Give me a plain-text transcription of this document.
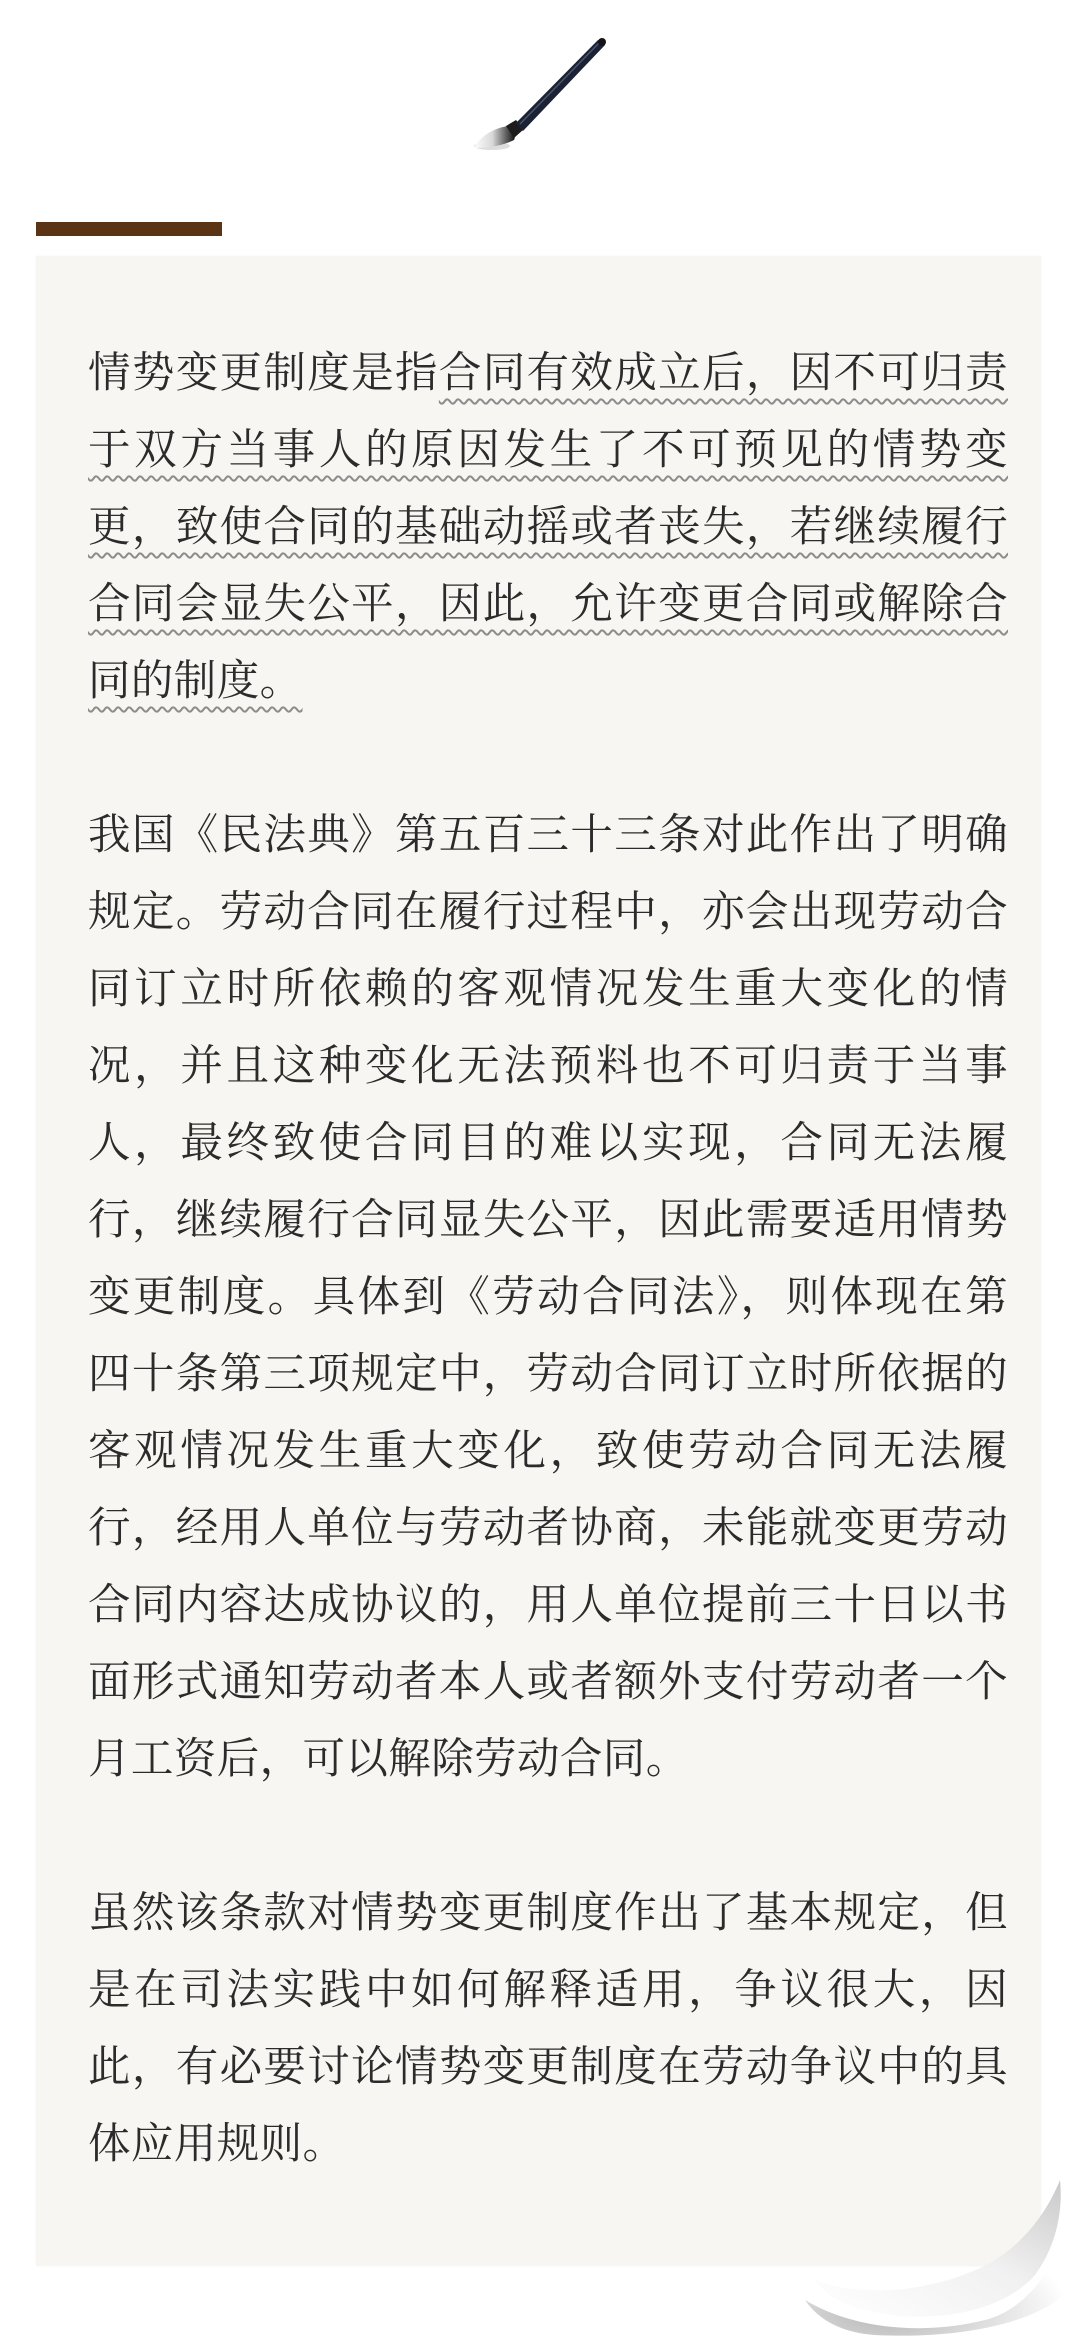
情势变更制度是指合同有效成立后，因不可归责于双方当事人的原因发生了不可预见的情势变更，致使合同的基础动摇或者丧失，若继续履行合同会显失公平，因此，允许变更合同或解除合同的制度。

我国《民法典》第五百三十三条对此作出了明确规定。劳动合同在履行过程中，亦会出现劳动合同订立时所依赖的客观情况发生重大变化的情况，并且这种变化无法预料也不可归责于当事人，最终致使合同目的难以实现，合同无法履行，继续履行合同显失公平，因此需要适用情势变更制度。具体到《劳动合同法》，则体现在第四十条第三项规定中，劳动合同订立时所依据的客观情况发生重大变化，致使劳动合同无法履行，经用人单位与劳动者协商，未能就变更劳动合同内容达成协议的，用人单位提前三十日以书面形式通知劳动者本人或者额外支付劳动者一个月工资后，可以解除劳动合同。

虽然该条款对情势变更制度作出了基本规定，但是在司法实践中如何解释适用，争议很大，因此，有必要讨论情势变更制度在劳动争议中的具体应用规则。
